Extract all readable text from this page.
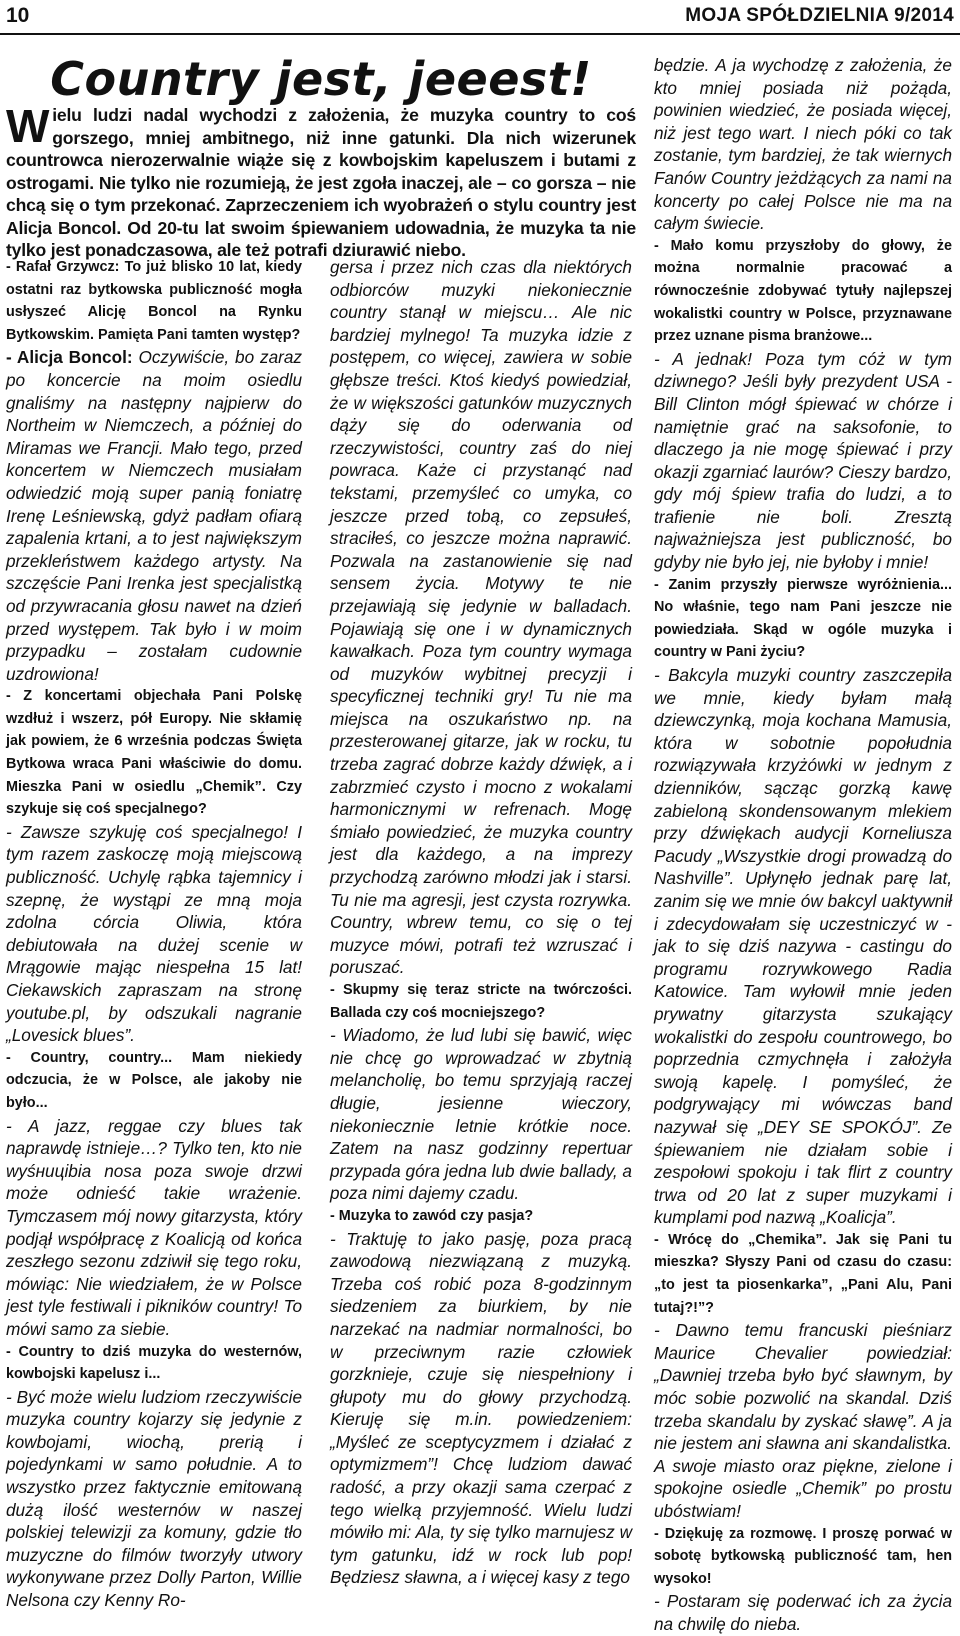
10	MOJA SPÓŁDZIELNIA 9/2014
Country jest, jeeest!

Wielu ludzi nadal wychodzi z założenia, że muzyka country to coś gorszego, mniej ambitnego, niż inne gatunki. Dla nich wizerunek countrowca nierozerwalnie wiąże się z kowbojskim kapeluszem i butami z ostrogami. Nie tylko nie rozumieją, że jest zgoła inaczej, ale – co gorsza – nie chcą się o tym przekonać. Zaprzeczeniem ich wyobrażeń o stylu country jest Alicja Boncol. Od 20-tu lat swoim śpiewaniem udowadnia, że muzyka ta nie tylko jest ponadczasowa, ale też potrafi dziurawić niebo.

- Rafał Grzywcz: To już blisko 10 lat, kiedy ostatni raz bytkowska publiczność mogła usłyszeć Alicję Boncol na Rynku Bytkowskim. Pamięta Pani tamten występ?

- Alicja Boncol: Oczywiście, bo zaraz po koncercie na moim osiedlu gnaliśmy na następny najpierw do Northeim w Niemczech, a później do Miramas we Francji. Mało tego, przed koncertem w Niemczech musiałam odwiedzić moją super panią foniatrę Irenę Leśniewską, gdyż padłam ofiarą zapalenia krtani, a to jest największym przekleństwem każdego artysty. Na szczęście Pani Irenka jest specjalistką od przywracania głosu nawet na dzień przed występem. Tak było i w moim przypadku – zostałam cudownie uzdrowiona!

- Z koncertami objechała Pani Polskę wzdłuż i wszerz, pół Europy. Nie skłamię jak powiem, że 6 września podczas Święta Bytkowa wraca Pani właściwie do domu. Mieszka Pani w osiedlu „Chemik”. Czy szykuje się coś specjalnego?

- Zawsze szykuję coś specjalnego! I tym razem zaskoczę moją miejscową publiczność. Uchylę rąbka tajemnicy i szepnę, że wystąpi ze mną moja zdolna córcia Oliwia, która debiutowała na dużej scenie w Mrągowie mając niespełna 15 lat! Ciekawskich zapraszam na stronę youtube.pl, by odszukali nagranie „Lovesick blues”.

- Country, country... Mam niekiedy odczucia, że w Polsce, ale jakoby nie było...

- A jazz, reggae czy blues tak naprawdę istnieje…? Tylko ten, kto nie wyśницibia nosa poza swoje drzwi może odnieść takie wrażenie. Tymczasem mój nowy gitarzysta, który podjął współpracę z Koalicją od końca zeszłego sezonu zdziwił się tego roku, mówiąc: Nie wiedziałem, że w Polsce jest tyle festiwali i pikników country! To mówi samo za siebie.

- Country to dziś muzyka do westernów, kowbojski kapelusz i...

- Być może wielu ludziom rzeczywiście muzyka country kojarzy się jedynie z kowbojami, wiochą, prerią i pojedynkami w samo południe. A to wszystko przez faktycznie emitowaną dużą ilość westernów w naszej polskiej telewizji za komuny, gdzie tło muzyczne do filmów tworzyły utwory wykonywane przez Dolly Parton, Willie Nelsona czy Kenny Ro-

gersa i przez nich czas dla niektórych odbiorców muzyki niekoniecznie country stanął w miejscu… Ale nic bardziej mylnego! Ta muzyka idzie z postępem, co więcej, zawiera w sobie głębsze treści. Ktoś kiedyś powiedział, że w większości gatunków muzycznych dąży się do oderwania od rzeczywistości, country zaś do niej powraca. Każe ci przystanąć nad tekstami, przemyśleć co umyka, co jeszcze przed tobą, co zepsułeś, straciłeś, co jeszcze można naprawić. Pozwala na zastanowienie się nad sensem życia. Motywy te nie przejawiają się jedynie w balladach. Pojawiają się one i w dynamicznych kawałkach. Poza tym country wymaga od muzyków wybitnej precyzji i specyficznej techniki gry! Tu nie ma miejsca na oszukaństwo np. na przesterowanej gitarze, jak w rocku, tu trzeba zagrać dobrze każdy dźwięk, a i zabrzmieć czysto i mocno z wokalami harmonicznymi w refrenach. Mogę śmiało powiedzieć, że muzyka country jest dla każdego, a na imprezy przychodzą zarówno młodzi jak i starsi. Tu nie ma agresji, jest czysta rozrywka. Country, wbrew temu, co się o tej muzyce mówi, potrafi też wzruszać i poruszać.

- Skupmy się teraz stricte na twórczości. Ballada czy coś mocniejszego?

- Wiadomo, że lud lubi się bawić, więc nie chcę go wprowadzać w zbytnią melancholię, bo temu sprzyjają raczej długie, jesienne wieczory, niekoniecznie letnie krótkie noce. Zatem na nasz godzinny repertuar przypada góra jedna lub dwie ballady, a poza nimi dajemy czadu.

- Muzyka to zawód czy pasja?

- Traktuję to jako pasję, poza pracą zawodową niezwiązaną z muzyką. Trzeba coś robić poza 8-godzinnym siedzeniem za biurkiem, by nie narzekać na nadmiar normalności, bo w przeciwnym razie człowiek gorzknieje, czuje się niespełniony i głupoty mu do głowy przychodzą. Kieruję się m.in. powiedzeniem: „Myśleć ze sceptycyzmem i działać z optymizmem”! Chcę ludziom dawać radość, a przy okazji sama czerpać z tego wielką przyjemność. Wielu ludzi mówiło mi: Ala, ty się tylko marnujesz w tym gatunku, idź w rock lub pop! Będziesz sławna, a i więcej kasy z tego

będzie. A ja wychodzę z założenia, że kto mniej posiada niż pożąda, powinien wiedzieć, że posiada więcej, niż jest tego wart. I niech póki co tak zostanie, tym bardziej, że tak wiernych Fanów Country jeżdżących za nami na koncerty po całej Polsce nie ma na całym świecie.

- Mało komu przyszłoby do głowy, że można normalnie pracować a równocześnie zdobywać tytuły najlepszej wokalistki country w Polsce, przyznawane przez uznane pisma branżowe...

- A jednak! Poza tym cóż w tym dziwnego? Jeśli były prezydent USA - Bill Clinton mógł śpiewać w chórze i namiętnie grać na saksofonie, to dlaczego ja nie mogę śpiewać i przy okazji zgarniać laurów? Cieszy bardzo, gdy mój śpiew trafia do ludzi, a to trafienie nie boli. Zresztą najważniejsza jest publiczność, bo gdyby nie było jej, nie byłoby i mnie!

- Zanim przyszły pierwsze wyróżnienia... No właśnie, tego nam Pani jeszcze nie powiedziała. Skąd w ogóle muzyka i country w Pani życiu?

- Bakcyla muzyki country zaszczepiła we mnie, kiedy byłam małą dziewczynką, moja kochana Mamusia, która w sobotnie popołudnia rozwiązywała krzyżówki w jednym z dzienników, sącząc gorzką kawę zabieloną skondensowanym mlekiem przy dźwiękach audycji Korneliusza Pacudy „Wszystkie drogi prowadzą do Nashville”. Upłynęło jednak parę lat, zanim się we mnie ów bakcyl uaktywnił i zdecydowałam się uczestniczyć w - jak to się dziś nazywa - castingu do programu rozrywkowego Radia Katowice. Tam wyłowił mnie jeden prywatny gitarzysta szukający wokalistki do zespołu countrowego, bo poprzednia czmychnęła i założyła swoją kapelę. I pomyśleć, że podgrywający mi wówczas band nazywał się „DEY SE SPOKÓJ”. Ze śpiewaniem nie działam sobie i zespołowi spokoju i tak flirt z country trwa od 20 lat z super muzykami i kumplami pod nazwą „Koalicja”.

- Wrócę do „Chemika”. Jak się Pani tu mieszka? Słyszy Pani od czasu do czasu: „to jest ta piosenkarka”, „Pani Alu, Pani tutaj?!”?

- Dawno temu francuski pieśniarz Maurice Chevalier powiedział: „Dawniej trzeba było być sławnym, by móc sobie pozwolić na skandal. Dziś trzeba skandalu by zyskać sławę”. A ja nie jestem ani sławna ani skandalistka. A swoje miasto oraz piękne, zielone i spokojne osiedle „Chemik” po prostu ubóstwiam!

- Dziękuję za rozmowę. I proszę porwać w sobotę bytkowską publiczność tam, hen wysoko!

- Postaram się poderwać ich za życia na chwilę do nieba.
